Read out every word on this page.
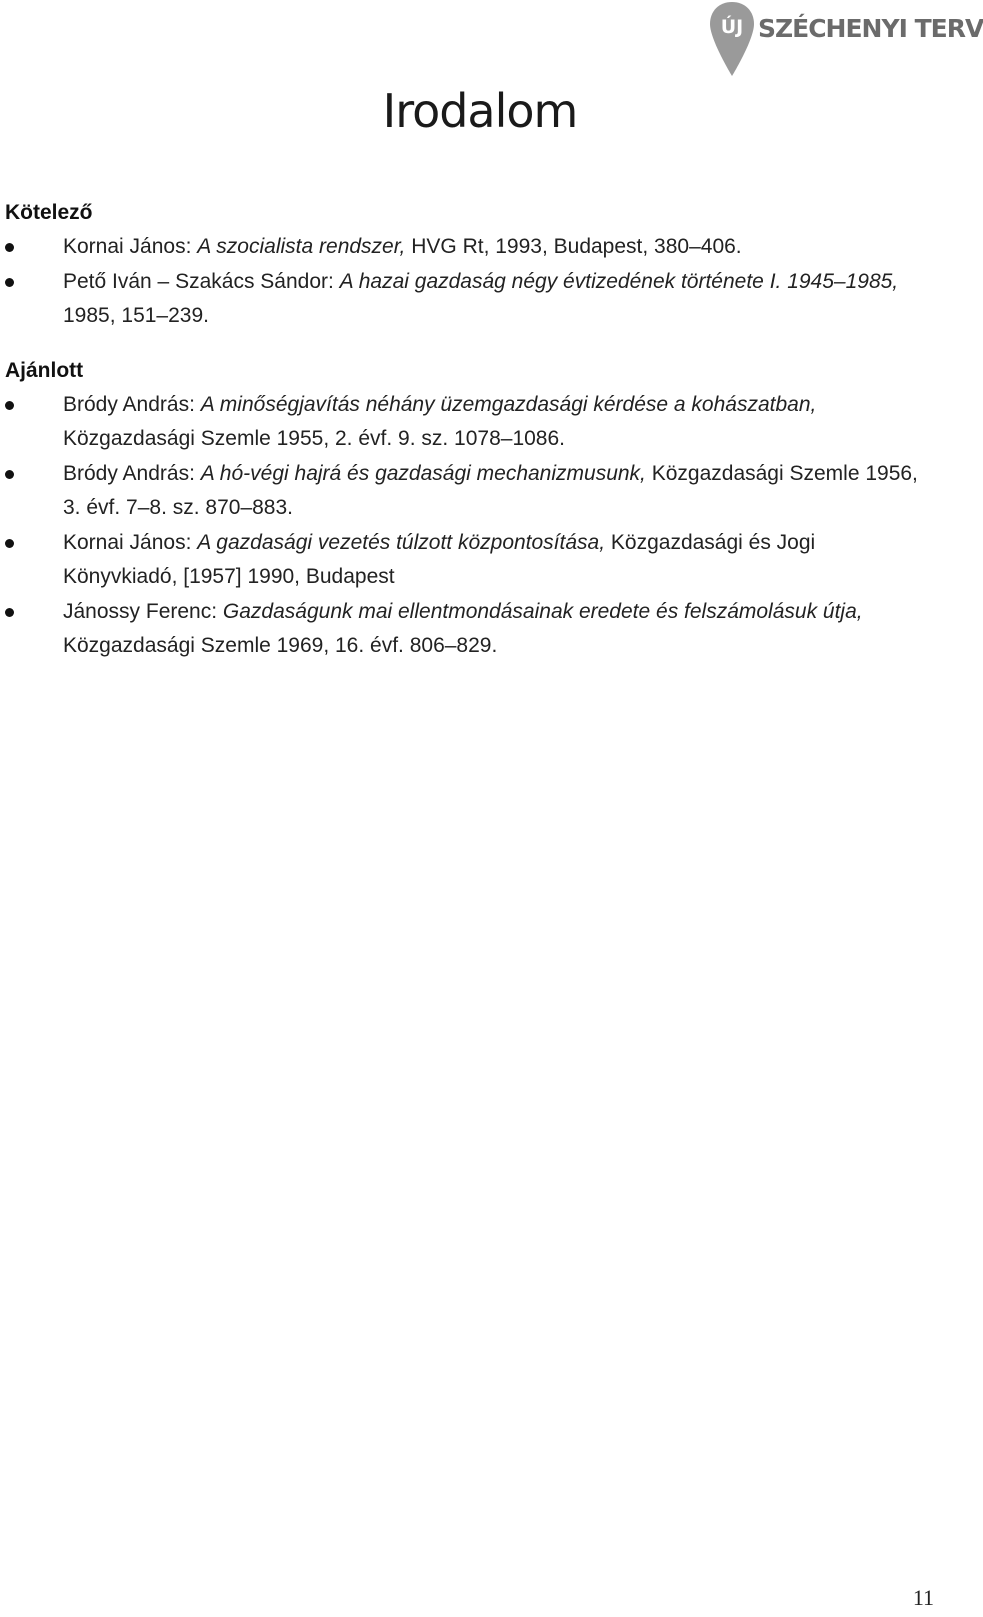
ÚJ SZÉCHENYI TERV
Irodalom
Kötelező
Kornai János: A szocialista rendszer, HVG Rt, 1993, Budapest, 380–406.
Pető Iván – Szakács Sándor: A hazai gazdaság négy évtizedének története I. 1945–1985, 1985, 151–239.
Ajánlott
Bródy András: A minőségjavítás néhány üzemgazdasági kérdése a kohászatban, Közgazdasági Szemle 1955, 2. évf. 9. sz. 1078–1086.
Bródy András: A hó-végi hajrá és gazdasági mechanizmusunk, Közgazdasági Szemle 1956, 3. évf. 7–8. sz. 870–883.
Kornai János: A gazdasági vezetés túlzott központosítása, Közgazdasági és Jogi Könyvkiadó, [1957] 1990, Budapest
Jánossy Ferenc: Gazdaságunk mai ellentmondásainak eredete és felszámolásuk útja, Közgazdasági Szemle 1969, 16. évf. 806–829.
11
